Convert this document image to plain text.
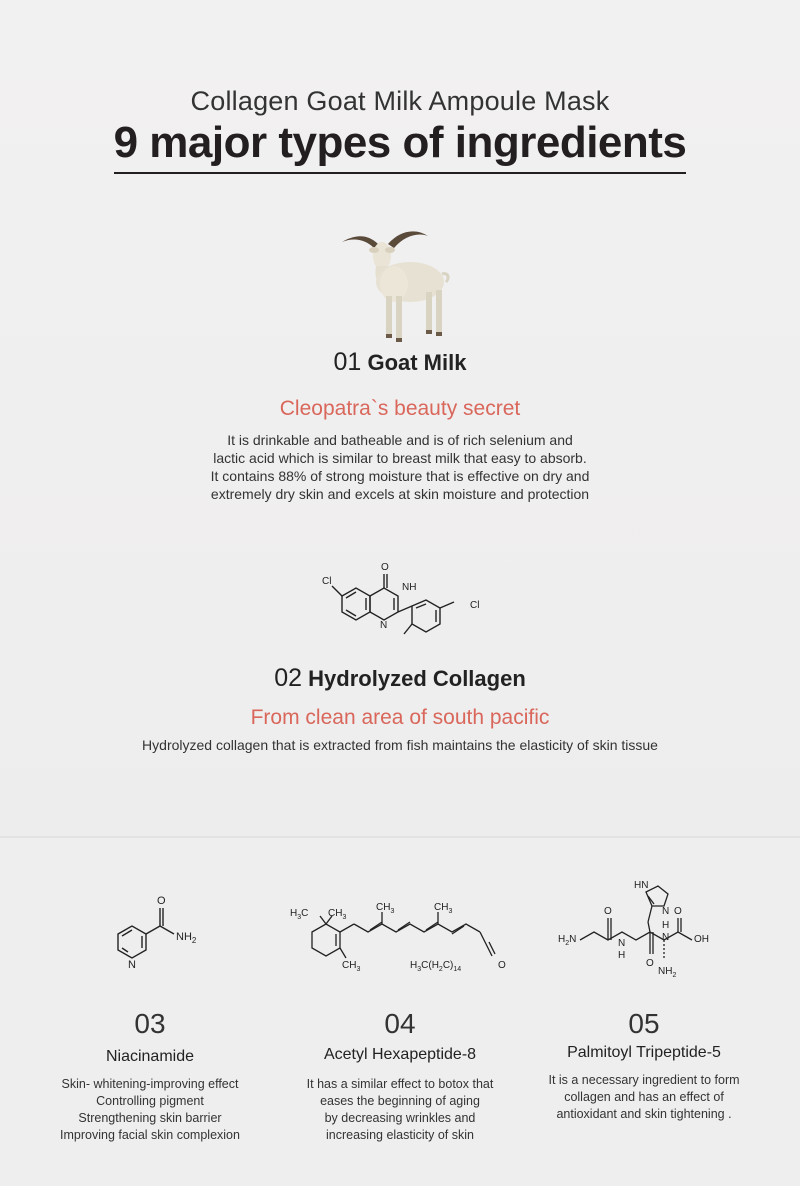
Collagen Goat Milk Ampoule Mask
9 major types of ingredients
01 Goat Milk
Cleopatra`s beauty secret
It is drinkable and batheable and is of rich selenium and
lactic acid which is similar to breast milk that easy to absorb.
It contains 88% of strong moisture that is effective on dry and
extremely dry skin and excels at skin moisture and protection
O
Cl
NH
N
Cl
02 Hydrolyzed Collagen
From clean area of south pacific
Hydrolyzed collagen that is extracted from fish maintains the elasticity of skin tissue
O
$NH_2$
N
03
Niacinamide
Skin- whitening-improving effect
Controlling pigment
Strengthening skin barrier
Improving facial skin complexion
$H_3C$ $CH_3$
$CH_3$	$CH_3$
$CH_3$	$H_3C(H_2C)_{14}$	O
04
Acetyl Hexapeptide-8
It has a similar effect to botox that
eases the beginning of aging
by decreasing wrinkles and
increasing elasticity of skin
HN
N
$H_2N$
O
N
H
H
N
O
O
OH
$NH_2$
05
Palmitoyl Tripeptide-5
It is a necessary ingredient to form
collagen and has an effect of
antioxidant and skin tightening .
